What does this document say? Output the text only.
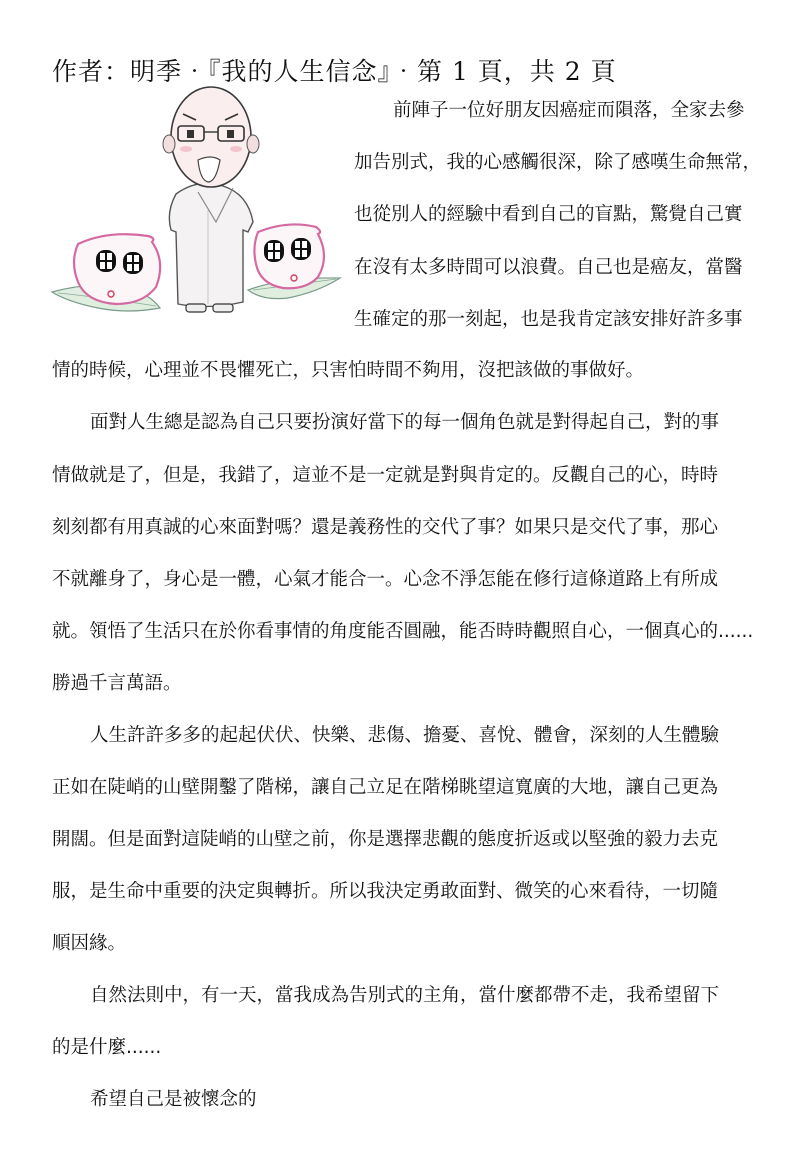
作者：明季‧『我的人生信念』‧第 1 頁，共 2 頁
前陣子一位好朋友因癌症而隕落，全家去參
加告別式，我的心感觸很深，除了感嘆生命無常，
也從別人的經驗中看到自己的盲點，驚覺自己實
在沒有太多時間可以浪費。自己也是癌友，當醫
生確定的那一刻起，也是我肯定該安排好許多事
情的時候，心理並不畏懼死亡，只害怕時間不夠用，沒把該做的事做好。
面對人生總是認為自己只要扮演好當下的每一個角色就是對得起自己，對的事
情做就是了，但是，我錯了，這並不是一定就是對與肯定的。反觀自己的心，時時
刻刻都有用真誠的心來面對嗎？還是義務性的交代了事？如果只是交代了事，那心
不就離身了，身心是一體，心氣才能合一。心念不淨怎能在修行這條道路上有所成
就。領悟了生活只在於你看事情的角度能否圓融，能否時時觀照自心，一個真心的......
勝過千言萬語。
人生許許多多的起起伏伏、快樂、悲傷、擔憂、喜悅、體會，深刻的人生體驗
正如在陡峭的山壁開鑿了階梯，讓自己立足在階梯眺望這寬廣的大地，讓自己更為
開闊。但是面對這陡峭的山壁之前，你是選擇悲觀的態度折返或以堅強的毅力去克
服，是生命中重要的決定與轉折。所以我決定勇敢面對、微笑的心來看待，一切隨
順因緣。
自然法則中，有一天，當我成為告別式的主角，當什麼都帶不走，我希望留下
的是什麼......
希望自己是被懷念的
